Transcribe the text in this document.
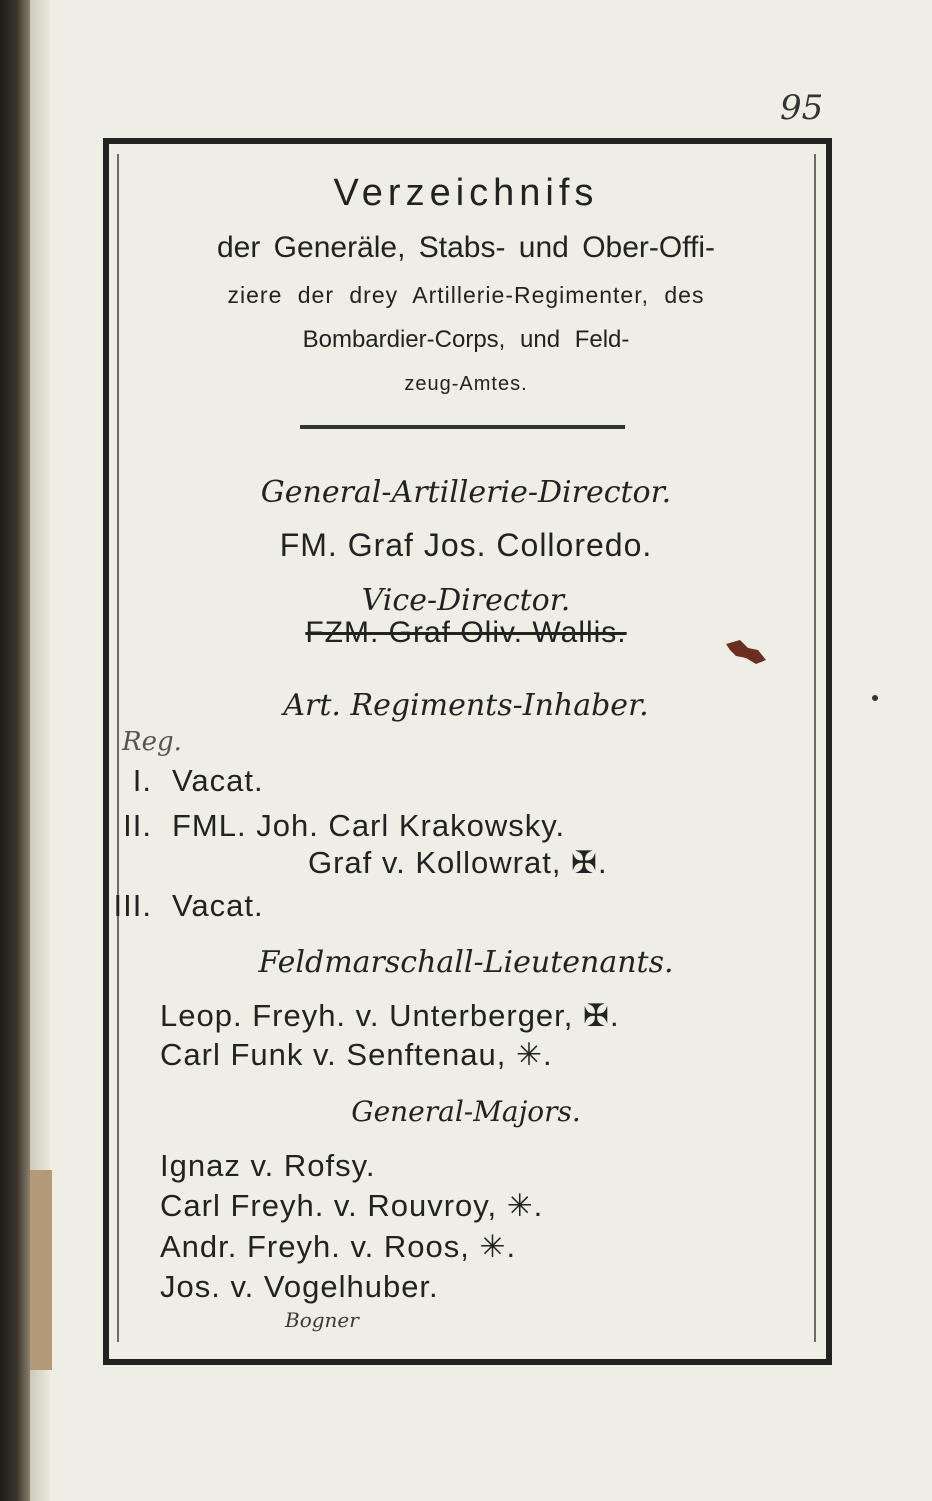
95
Verzeichnifs
der Generäle, Stabs- und Ober-Offi-
ziere der drey Artillerie-Regimenter, des
Bombardier-Corps, und Feld-
zeug-Amtes.
General-Artillerie-Director.
FM. Graf Jos. Colloredo.
Vice-Director.
FZM. Graf Oliv. Wallis.
Art. Regiments-Inhaber.
Reg.
I. Vacat.
II. FML. Joh. Carl Krakowsky.
Graf v. Kollowrat, ✠.
III. Vacat.
Feldmarschall-Lieutenants.
Leop. Freyh. v. Unterberger, ✠.
Carl Funk v. Senftenau, ✳.
General-Majors.
Ignaz v. Rofsy.
Carl Freyh. v. Rouvroy, ✳.
Andr. Freyh. v. Roos, ✳.
Jos. v. Vogelhuber.
Bogner
